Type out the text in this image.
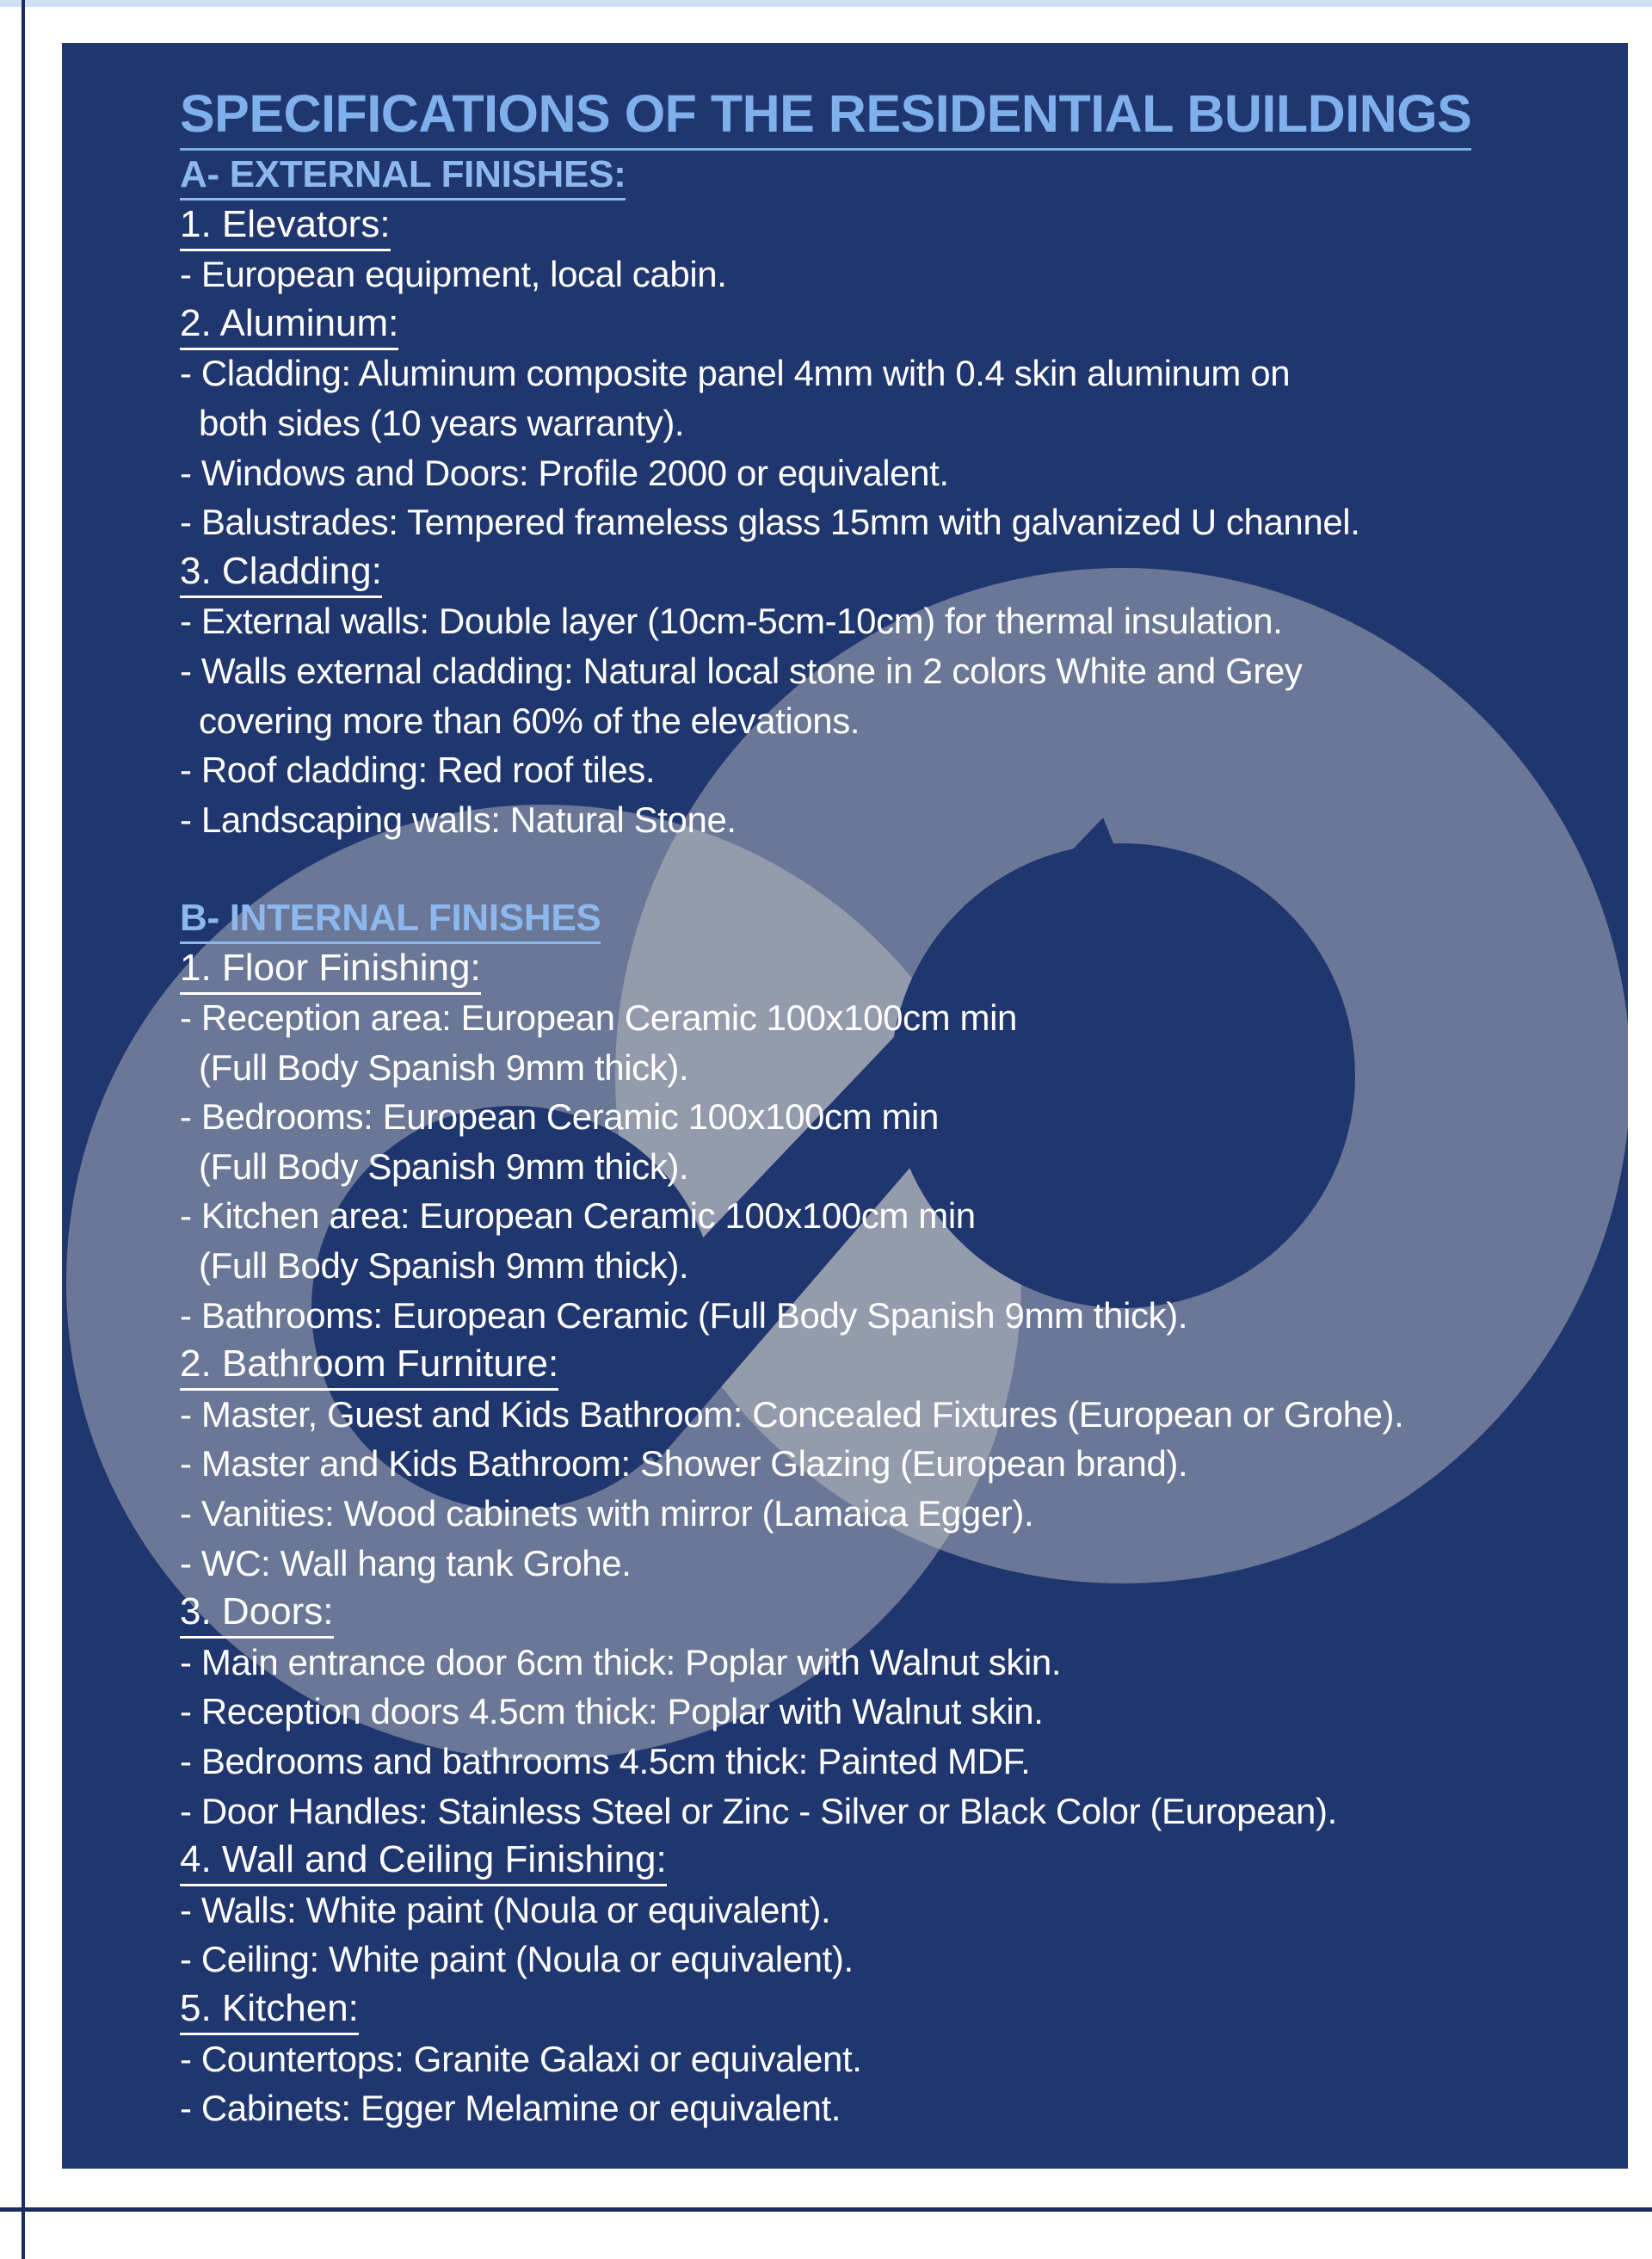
SPECIFICATIONS OF THE RESIDENTIAL BUILDINGS
A- EXTERNAL FINISHES:
1. Elevators:
- European equipment, local cabin.
2. Aluminum:
- Cladding: Aluminum composite panel 4mm with 0.4 skin aluminum on
both sides (10 years warranty).
- Windows and Doors: Profile 2000 or equivalent.
- Balustrades: Tempered frameless glass 15mm with galvanized U channel.
3. Cladding:
- External walls: Double layer (10cm-5cm-10cm) for thermal insulation.
- Walls external cladding: Natural local stone in 2 colors White and Grey
covering more than 60% of the elevations.
- Roof cladding: Red roof tiles.
- Landscaping walls: Natural Stone.
B- INTERNAL FINISHES
1. Floor Finishing:
- Reception area: European Ceramic 100x100cm min
(Full Body Spanish 9mm thick).
- Bedrooms: European Ceramic 100x100cm min
(Full Body Spanish 9mm thick).
- Kitchen area: European Ceramic 100x100cm min
(Full Body Spanish 9mm thick).
- Bathrooms: European Ceramic (Full Body Spanish 9mm thick).
2. Bathroom Furniture:
- Master, Guest and Kids Bathroom: Concealed Fixtures (European or Grohe).
- Master and Kids Bathroom: Shower Glazing (European brand).
- Vanities: Wood cabinets with mirror (Lamaica Egger).
- WC: Wall hang tank Grohe.
3. Doors:
- Main entrance door 6cm thick: Poplar with Walnut skin.
- Reception doors 4.5cm thick: Poplar with Walnut skin.
- Bedrooms and bathrooms 4.5cm thick: Painted MDF.
- Door Handles: Stainless Steel or Zinc - Silver or Black Color (European).
4. Wall and Ceiling Finishing:
- Walls: White paint (Noula or equivalent).
- Ceiling: White paint (Noula or equivalent).
5. Kitchen:
- Countertops: Granite Galaxi or equivalent.
- Cabinets: Egger Melamine or equivalent.
